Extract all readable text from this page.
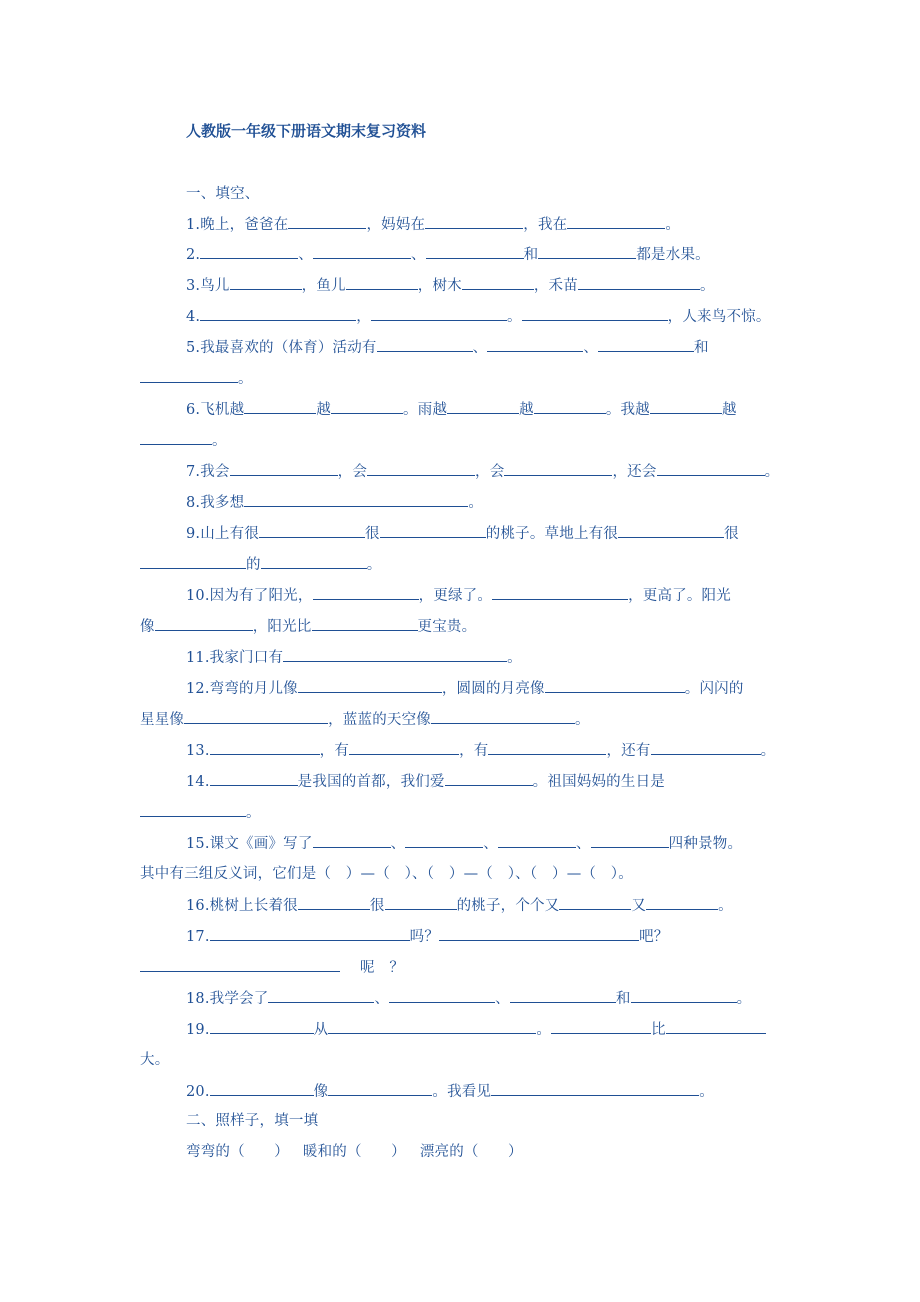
人教版一年级下册语文期末复习资料
一、填空、
1.晚上，爸爸在	，妈妈在	，我在	。
2.	、	、	和	都是水果。
3.鸟儿	，鱼儿	，树木	，禾苗	。
4.	，	。	，人来鸟不惊。
5.我最喜欢的（体育）活动有	、	、	和
。
6.飞机越	越	。雨越	越	。我越	越
。
7.我会	，会	，会	，还会	。
8.我多想	。
9.山上有很	很	的桃子。草地上有很	很
的	。
10.因为有了阳光，	，更绿了。	，更高了。阳光
像	，阳光比	更宝贵。
11.我家门口有	。
12.弯弯的月儿像	，圆圆的月亮像	。闪闪的
星星像	，蓝蓝的天空像	。
13.	，有	，有	，还有	。
14.	是我国的首都，我们爱	。祖国妈妈的生日是
。
15.课文《画》写了	、	、	、	四种景物。
其中有三组反义词，它们是（　）—（　）、（　）—（　）、（　）—（　）。
16.桃树上长着很	很	的桃子，个个又	又	。
17.	吗？	吧？
呢　？
18.我学会了	、	、	和	。
19.	从	。	比
大。
20.	像	。我看见	。
二、照样子，填一填
弯弯的（　　） 暖和的（　　） 漂亮的（　　）
